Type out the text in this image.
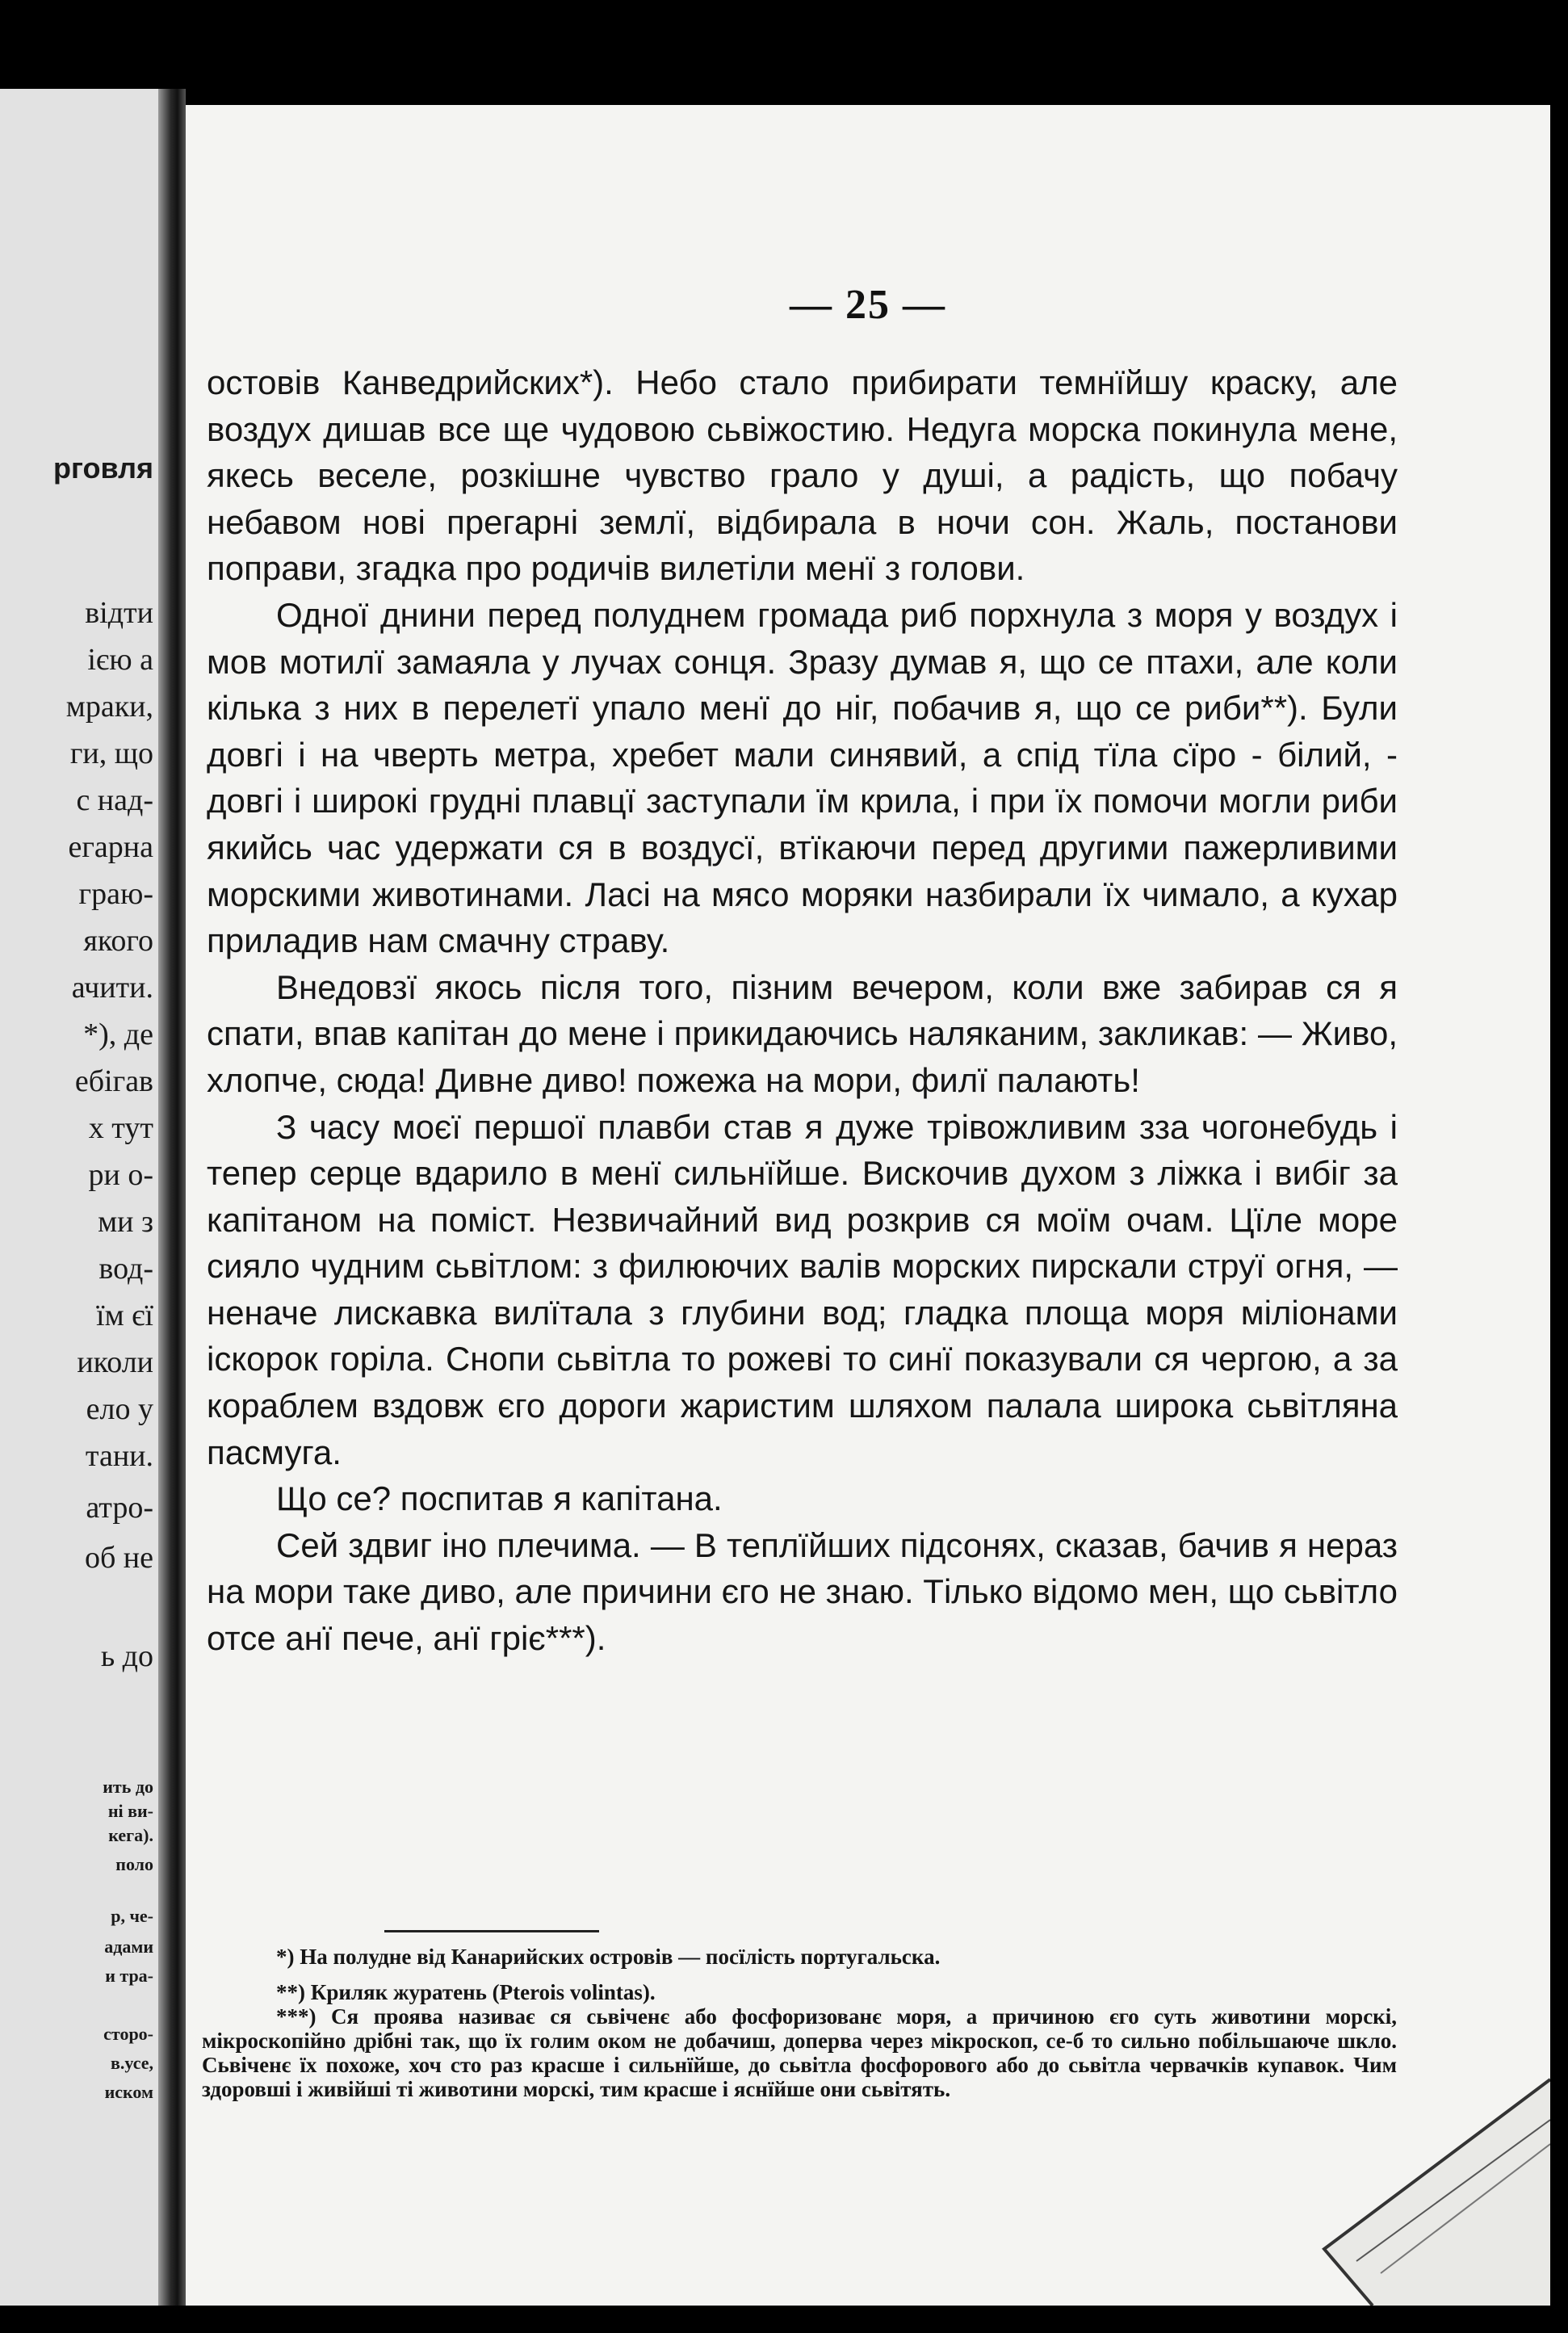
рговля
відти
ією а
мраки,
ги, що
с над-
егарна
граю-
якого
ачити.
*), де
ебігав
х тут
ри о-
ми з
вод-
їм єї
иколи
ело у
тани.
атро-
об не
ь до
ить до
ні ви-
кега).
поло
р, че-
адами
и тра-
сторо-
в.усе,
иском
— 25 —

остовів Канведрийских*). Небо стало прибирати темнїйшу краску, але воздух дишав все ще чудовою сьвіжостию. Недуга морска покинула мене, якесь веселе, розкішне чувство грало у душі, а радість, що побачу небавом нові прегарні землї, відбирала в ночи сон. Жаль, постанови поправи, згадка про родичів вилетіли менї з голови.

Одної днини перед полуднем громада риб порхнула з моря у воздух і мов мотилї замаяла у лучах сонця. Зразу думав я, що се птахи, але коли кілька з них в перелетї упало менї до ніг, побачив я, що се риби**). Були довгі і на чверть метра, хребет мали синявий, а спід тїла сїро - білий, - довгі і широкі грудні плавцї заступали їм крила, і при їх помочи могли риби якийсь час удержати ся в воздусї, втїкаючи перед другими пажерливими морскими животинами. Ласі на мясо моряки назбирали їх чимало, а кухар приладив нам смачну страву.

Внедовзї якось після того, пізним вечером, коли вже забирав ся я спати, впав капітан до мене і прикидаючись наляканим, закликав: — Живо, хлопче, сюда! Дивне диво! пожежа на мори, филї палають!

З часу моєї першої плавби став я дуже трівожливим зза чогонебудь і тепер серце вдарило в менї сильнїйше. Вискочив духом з ліжка і вибіг за капітаном на поміст. Незвичайний вид розкрив ся моїм очам. Цїле море сияло чудним сьвітлом: з филюючих валів морских пирскали струї огня, — неначе лискавка вилїтала з глубини вод; гладка площа моря міліонами іскорок горіла. Снопи сьвітла то рожеві то синї показували ся чергою, а за кораблем вздовж єго дороги жаристим шляхом палала широка сьвітляна пасмуга.

Що се? поспитав я капітана.

Сей здвиг іно плечима. — В теплїйших підсонях, сказав, бачив я нераз на мори таке диво, але причини єго не знаю. Тілько відомо мен, що сьвітло отсе анї пече, анї гріє***).

*) На полудне від Канарийских островів — посїлість португальска.

**) Криляк журатень (Pterois volintas).

***) Ся проява називає ся сьвіченє або фосфоризованє моря, а причиною єго суть животини морскі, мікроскопійно дрібні так, що їх голим оком не добачиш, доперва через мікроскоп, се-б то сильно побільшаюче шкло. Сьвіченє їх похоже, хоч сто раз красше і сильнїйше, до сьвітла фосфорового або до сьвітла червачків купавок. Чим здоровші і живійші ті животини морскі, тим красше і яснїйше они сьвітять.
